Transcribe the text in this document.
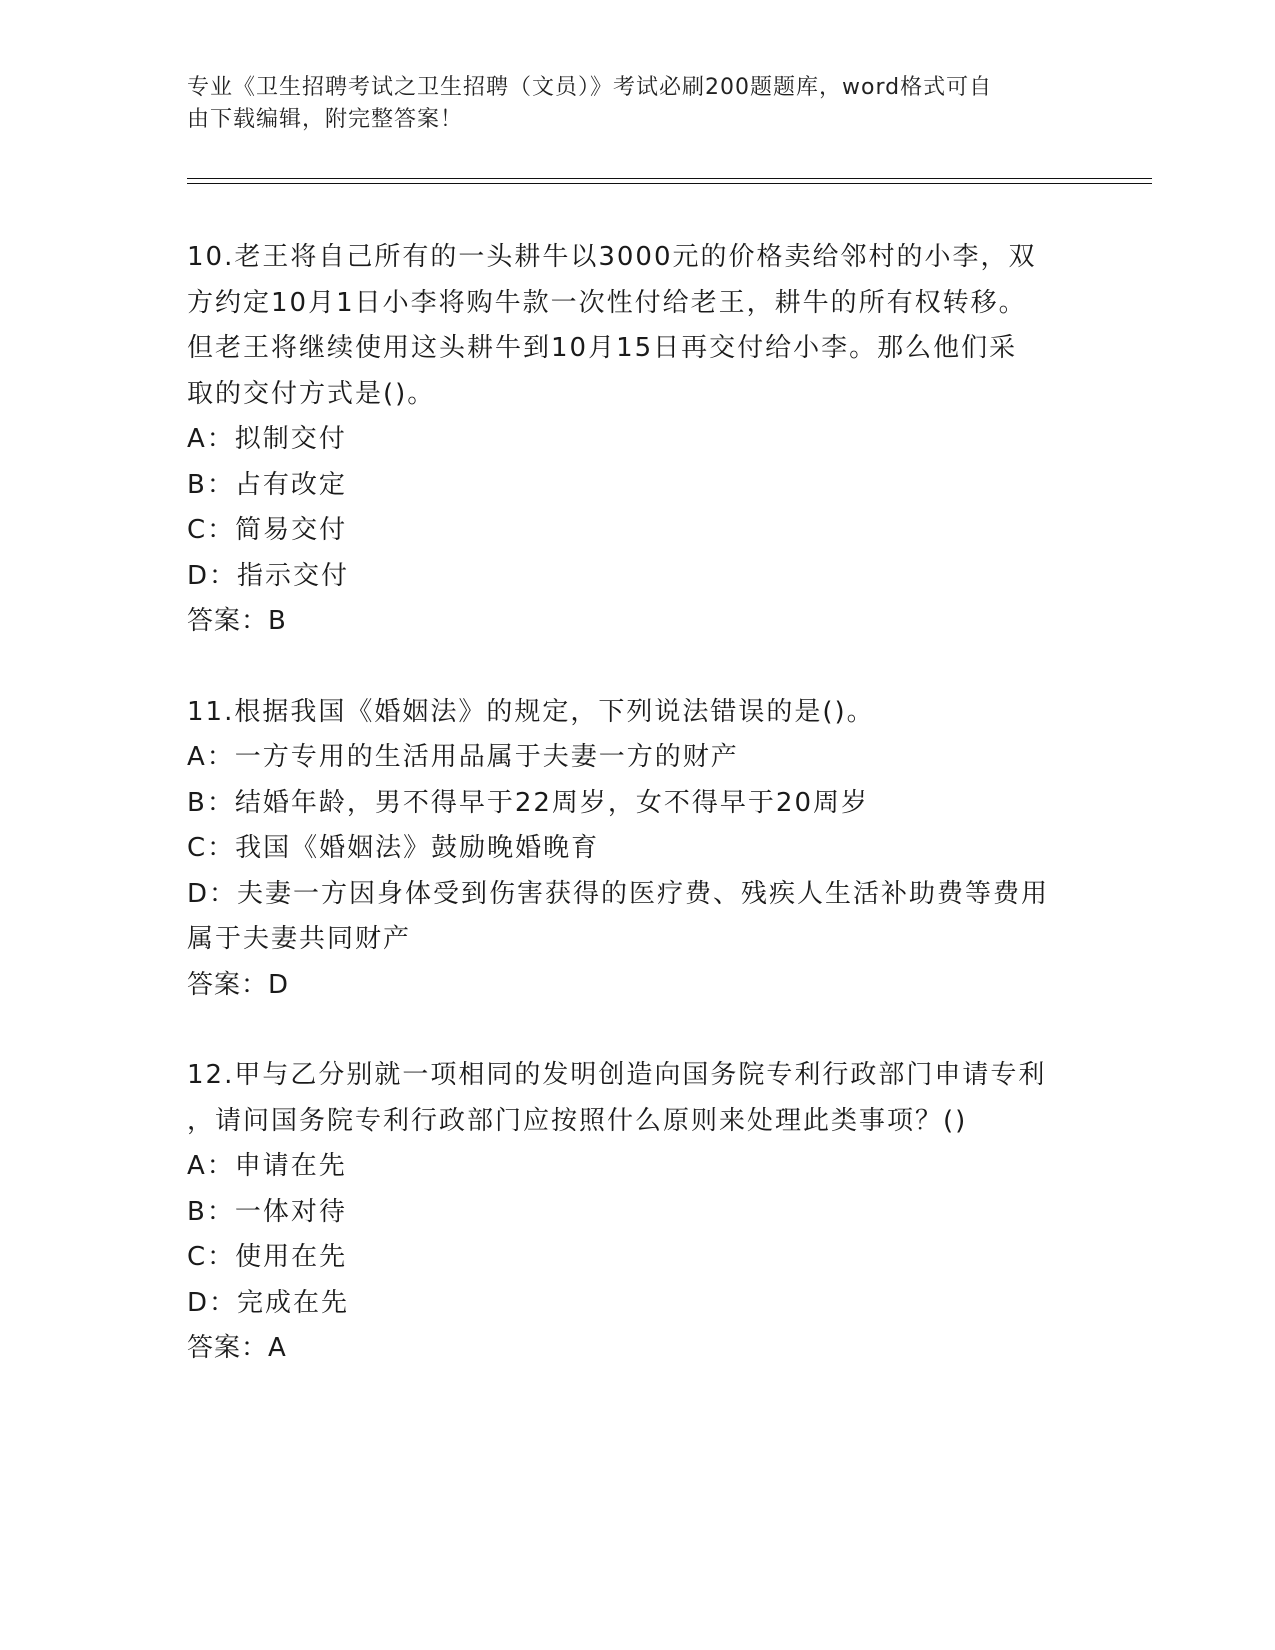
专业《卫生招聘考试之卫生招聘（文员）》考试必刷200题题库，word格式可自
由下载编辑，附完整答案！
10.老王将自己所有的一头耕牛以3000元的价格卖给邻村的小李，双
方约定10月1日小李将购牛款一次性付给老王，耕牛的所有权转移。
但老王将继续使用这头耕牛到10月15日再交付给小李。那么他们采
取的交付方式是()。
A：拟制交付
B：占有改定
C：简易交付
D：指示交付
答案：B
11.根据我国《婚姻法》的规定，下列说法错误的是()。
A：一方专用的生活用品属于夫妻一方的财产
B：结婚年龄，男不得早于22周岁，女不得早于20周岁
C：我国《婚姻法》鼓励晚婚晚育
D：夫妻一方因身体受到伤害获得的医疗费、残疾人生活补助费等费用
属于夫妻共同财产
答案：D
12.甲与乙分别就一项相同的发明创造向国务院专利行政部门申请专利
，请问国务院专利行政部门应按照什么原则来处理此类事项？()
A：申请在先
B：一体对待
C：使用在先
D：完成在先
答案：A
